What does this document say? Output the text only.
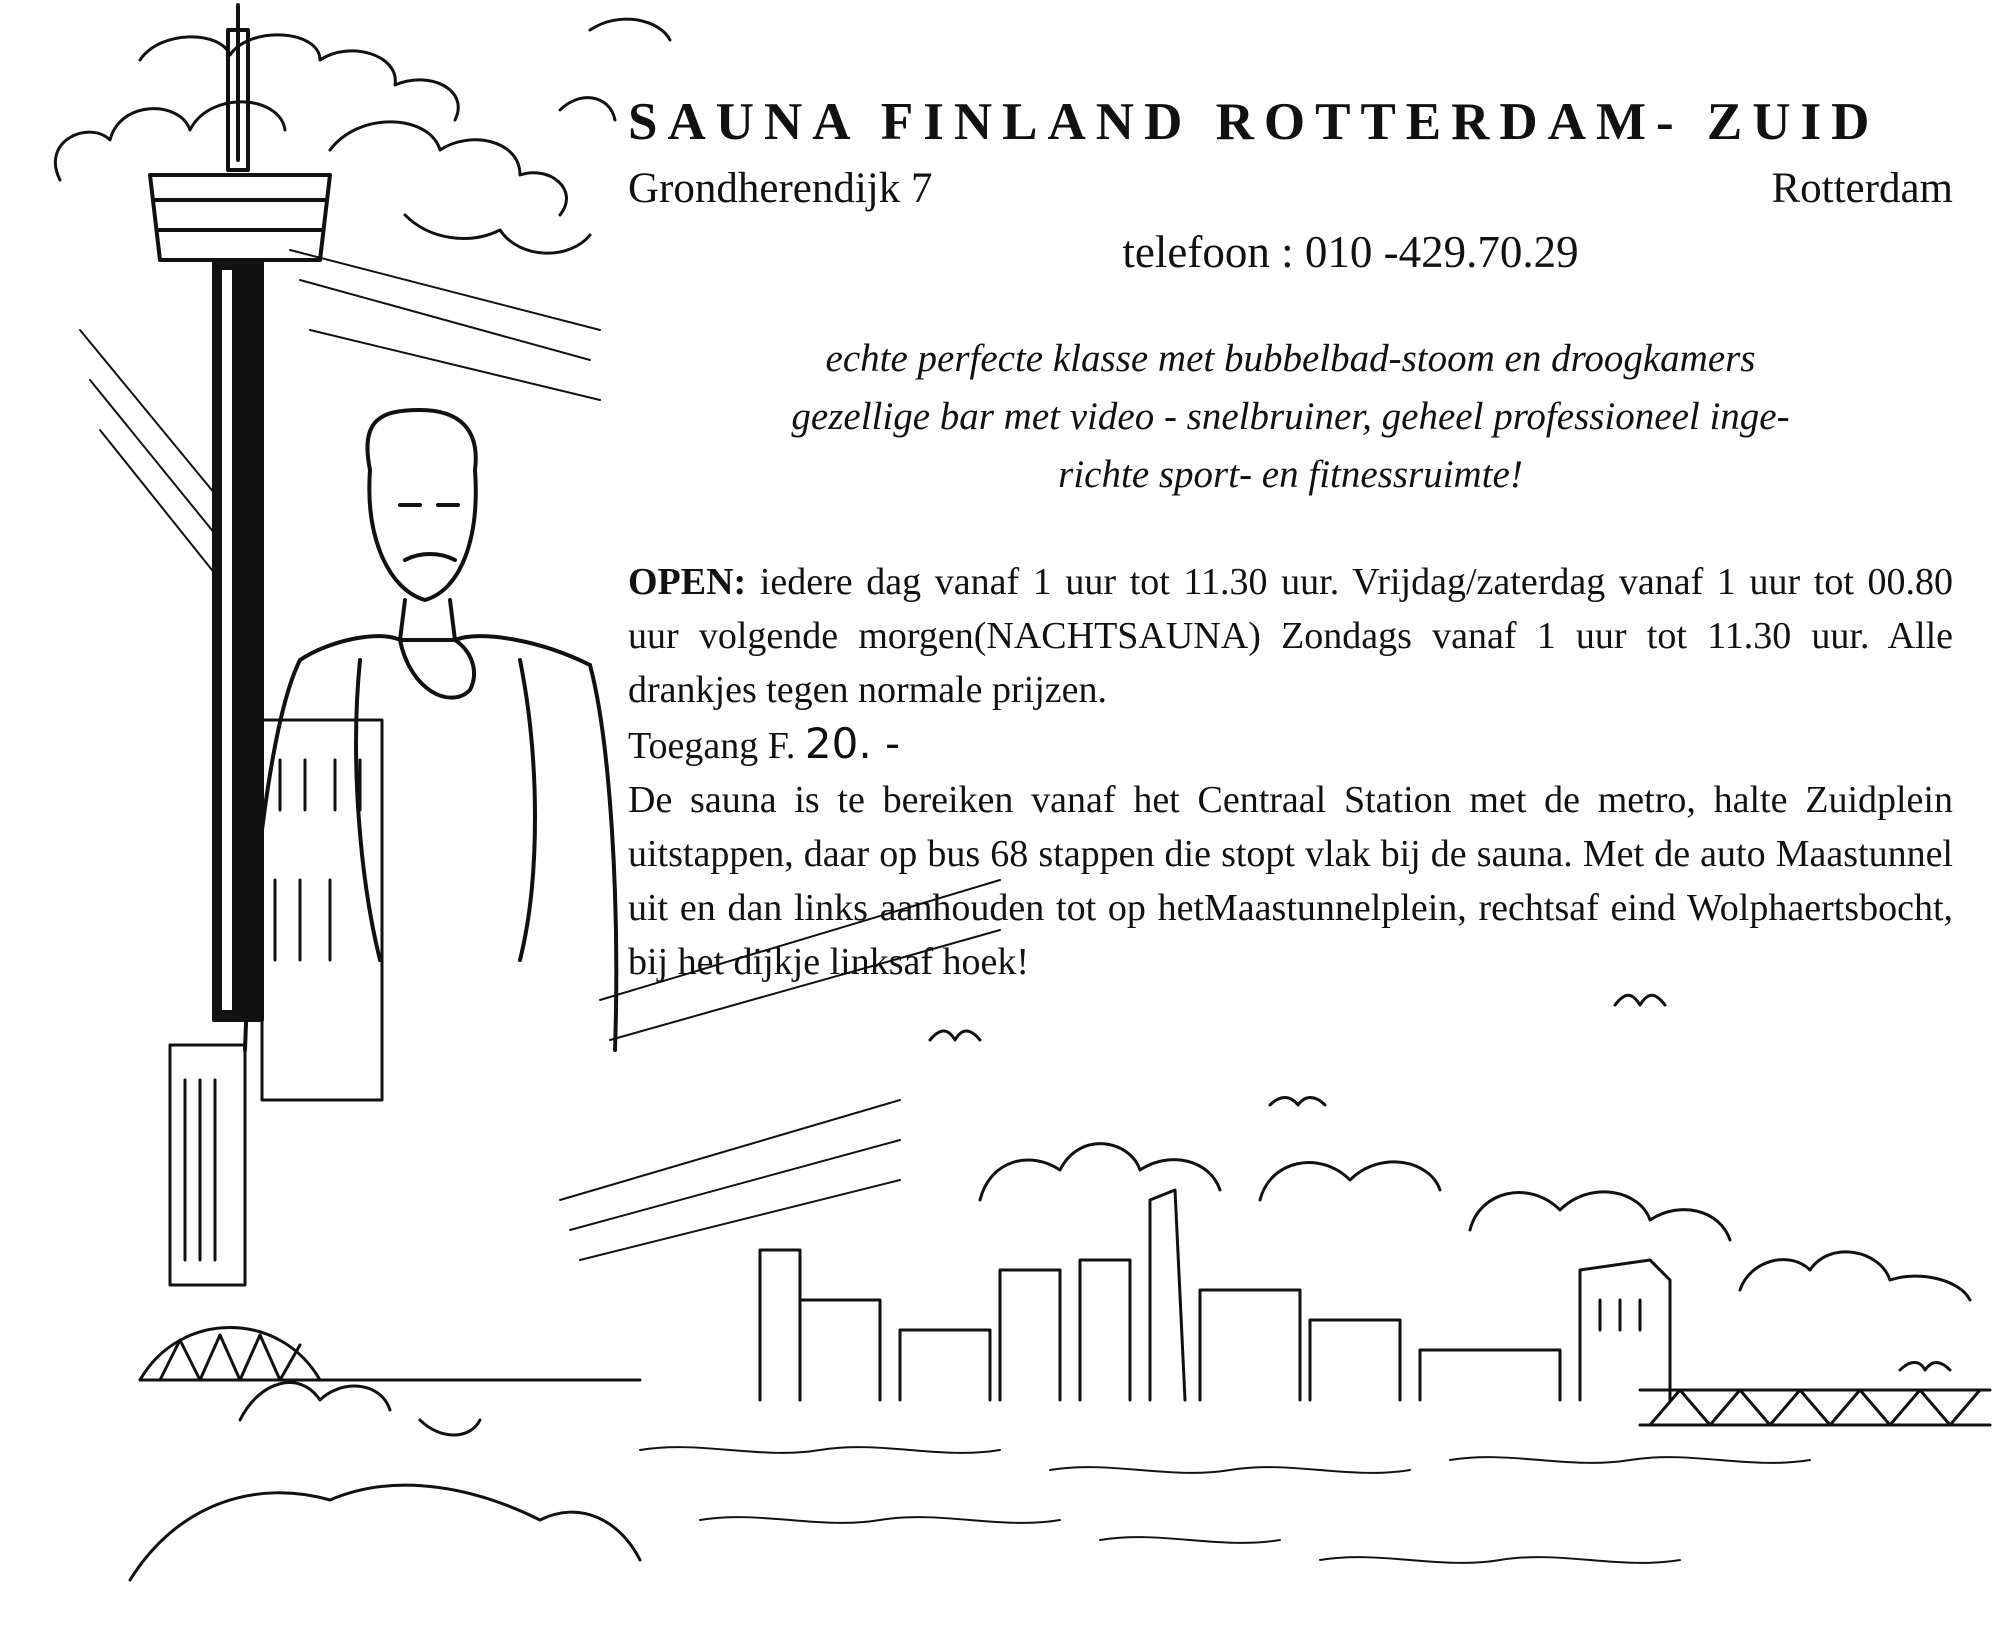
SAUNA FINLAND ROTTERDAM- ZUID
Grondherendijk 7	Rotterdam
telefoon : 010 -429.70.29
echte perfecte klasse met bubbelbad-stoom en droogkamers
gezellige bar met video - snelbruiner, geheel professioneel inge-
richte sport- en fitnessruimte!

OPEN: iedere dag vanaf 1 uur tot 11.30 uur. Vrijdag/zaterdag vanaf 1 uur tot 00.80 uur volgende morgen(NACHTSAUNA) Zondags vanaf 1 uur tot 11.30 uur. Alle drankjes tegen normale prijzen.

Toegang F. 20. -

De sauna is te bereiken vanaf het Centraal Station met de metro, halte Zuidplein uitstappen, daar op bus 68 stappen die stopt vlak bij de sauna. Met de auto Maastunnel uit en dan links aanhouden tot op hetMaastunnelplein, rechtsaf eind Wolphaertsbocht, bij het dijkje linksaf hoek!
